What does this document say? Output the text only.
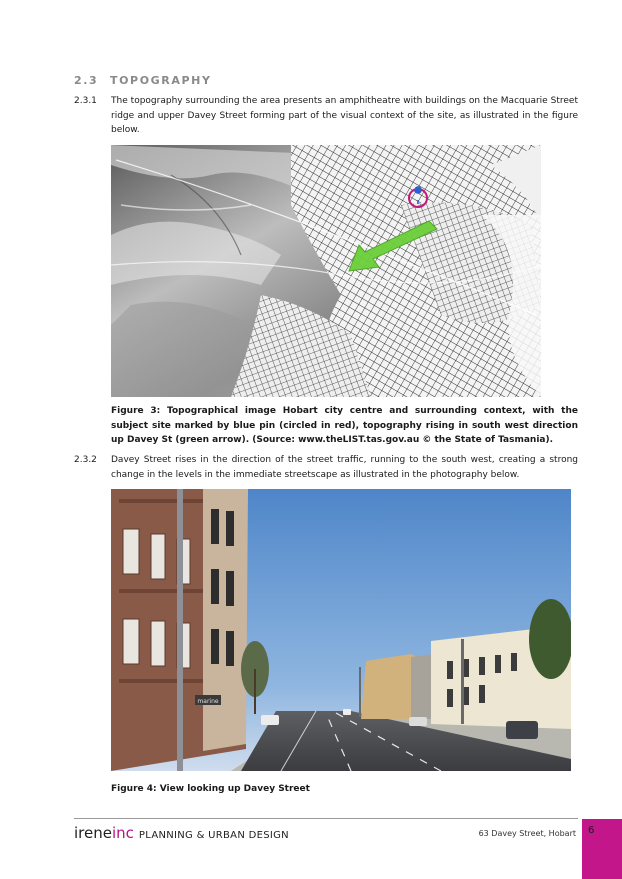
2.3 TOPOGRAPHY
2.3.1 The topography surrounding the area presents an amphitheatre with buildings on the Macquarie Street ridge and upper Davey Street forming part of the visual context of the site, as illustrated in the figure below.
Figure 3: Topographical image Hobart city centre and surrounding context, with the subject site marked by blue pin (circled in red), topography rising in south west direction up Davey St (green arrow). (Source: www.theLIST.tas.gov.au © the State of Tasmania).
2.3.2 Davey Street rises in the direction of the street traffic, running to the south west, creating a strong change in the levels in the immediate streetscape as illustrated in the photography below.
marine
Figure 4: View looking up Davey Street
ireneinc PLANNING & URBAN DESIGN	63 Davey Street, Hobart 6
